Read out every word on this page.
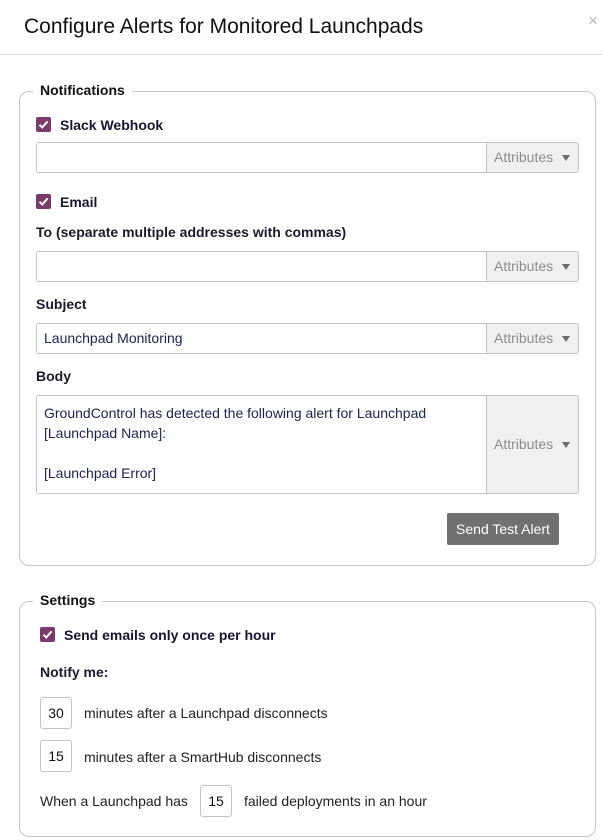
Configure Alerts for Monitored Launchpads	×
Notifications
Slack Webhook
Attributes
Email
To (separate multiple addresses with commas)
Attributes
Subject
Launchpad Monitoring	Attributes
Body
GroundControl has detected the following alert for Launchpad [Launchpad Name]:
[Launchpad Error]
Attributes
Send Test Alert
Settings
Send emails only once per hour
Notify me:
30	minutes after a Launchpad disconnects
15	minutes after a SmartHub disconnects
When a Launchpad has	15	failed deployments in an hour
